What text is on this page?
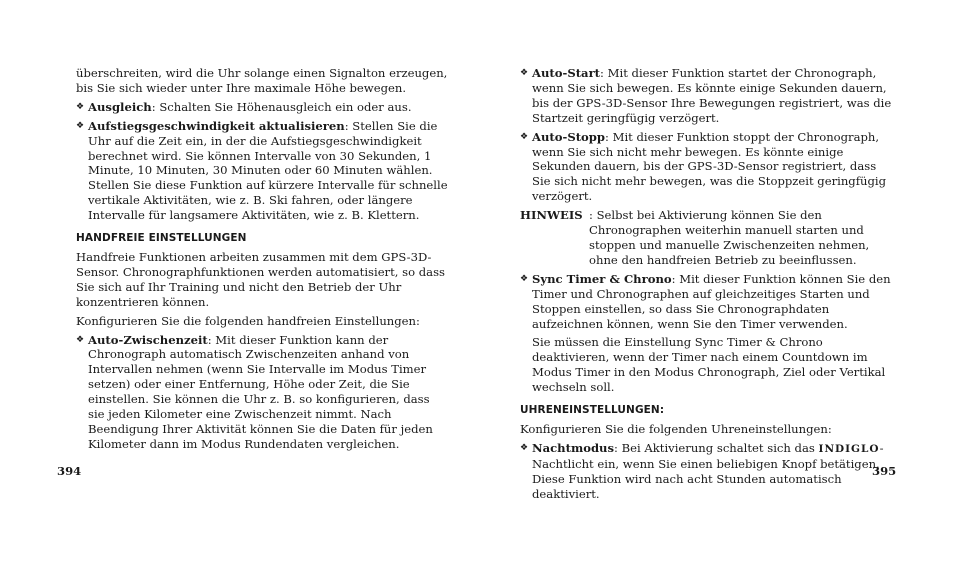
überschreiten, wird die Uhr solange einen Signalton erzeugen, bis Sie sich wieder unter Ihre maximale Höhe bewegen.

❖ Ausgleich: Schalten Sie Höhenausgleich ein oder aus.
❖ Aufstiegsgeschwindigkeit aktualisieren: Stellen Sie die Uhr auf die Zeit ein, in der die Aufstiegsgeschwindigkeit berechnet wird. Sie können Intervalle von 30 Sekunden, 1 Minute, 10 Minuten, 30 Minuten oder 60 Minuten wählen. Stellen Sie diese Funktion auf kürzere Intervalle für schnelle vertikale Aktivitäten, wie z. B. Ski fahren, oder längere Intervalle für langsamere Aktivitäten, wie z. B. Klettern.
HANDFREIE EINSTELLUNGEN

Handfreie Funktionen arbeiten zusammen mit dem GPS-3D-Sensor. Chronographfunktionen werden automatisiert, so dass Sie sich auf Ihr Training und nicht den Betrieb der Uhr konzentrieren können.

Konfigurieren Sie die folgenden handfreien Einstellungen:

❖ Auto-Zwischenzeit: Mit dieser Funktion kann der Chronograph automatisch Zwischenzeiten anhand von Intervallen nehmen (wenn Sie Intervalle im Modus Timer setzen) oder einer Entfernung, Höhe oder Zeit, die Sie einstellen. Sie können die Uhr z. B. so konfigurieren, dass sie jeden Kilometer eine Zwischenzeit nimmt. Nach Beendigung Ihrer Aktivität können Sie die Daten für jeden Kilometer dann im Modus Rundendaten vergleichen.
❖ Auto-Start: Mit dieser Funktion startet der Chronograph, wenn Sie sich bewegen. Es könnte einige Sekunden dauern, bis der GPS-3D-Sensor Ihre Bewegungen registriert, was die Startzeit geringfügig verzögert.
❖ Auto-Stopp: Mit dieser Funktion stoppt der Chronograph, wenn Sie sich nicht mehr bewegen. Es könnte einige Sekunden dauern, bis der GPS-3D-Sensor registriert, dass Sie sich nicht mehr bewegen, was die Stoppzeit geringfügig verzögert.
HINWEIS : Selbst bei Aktivierung können Sie den Chronographen weiterhin manuell starten und stoppen und manuelle Zwischenzeiten nehmen, ohne den handfreien Betrieb zu beeinflussen.
❖ Sync Timer & Chrono: Mit dieser Funktion können Sie den Timer und Chronographen auf gleichzeitiges Starten und Stoppen einstellen, so dass Sie Chronographdaten aufzeichnen können, wenn Sie den Timer verwenden.

Sie müssen die Einstellung Sync Timer & Chrono deaktivieren, wenn der Timer nach einem Countdown im Modus Timer in den Modus Chronograph, Ziel oder Vertikal wechseln soll.

UHRENEINSTELLUNGEN:

Konfigurieren Sie die folgenden Uhreneinstellungen:

❖ Nachtmodus: Bei Aktivierung schaltet sich das INDIGLO-Nachtlicht ein, wenn Sie einen beliebigen Knopf betätigen. Diese Funktion wird nach acht Stunden automatisch deaktiviert.
394	395
